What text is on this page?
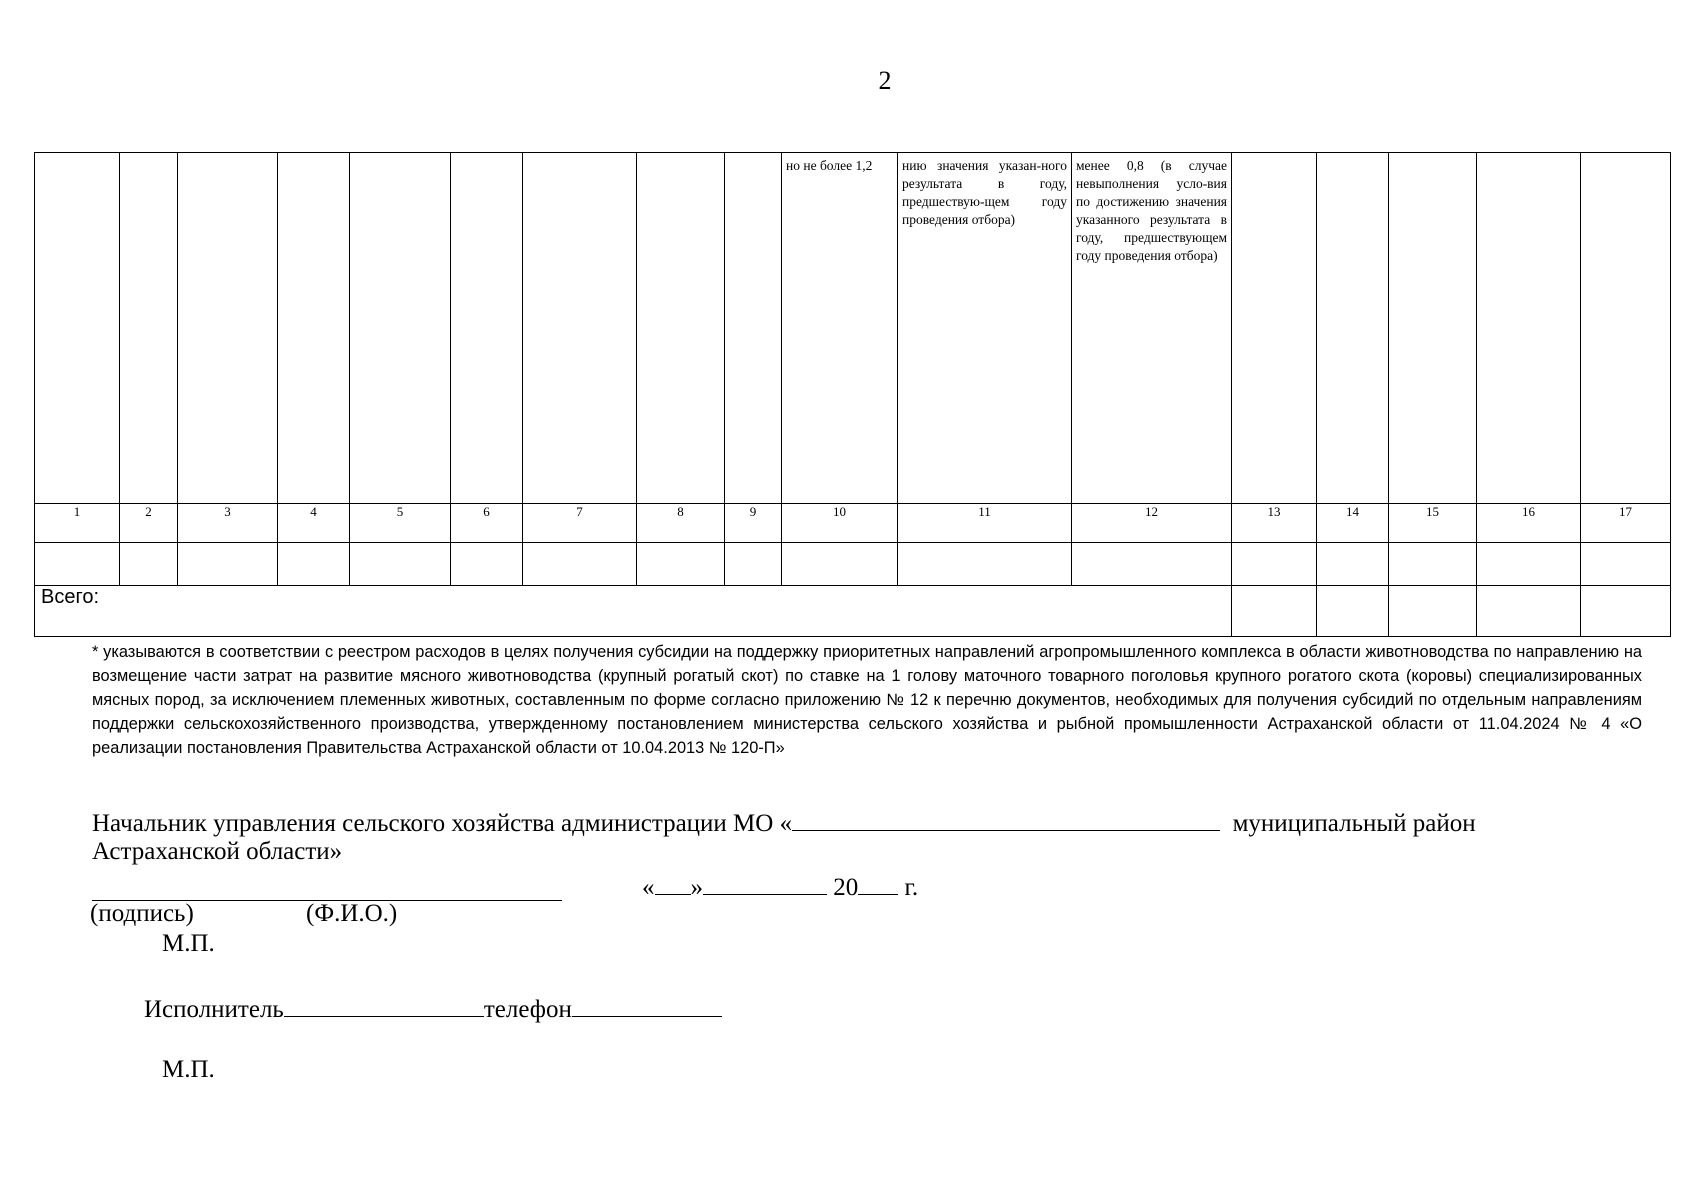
2

									но не более 1,2	нию значения указан-ного результата в году, предшествую-щем году проведения отбора)	менее 0,8 (в случае невыполнения усло-вия по достижению значения указанного результата в году, предшествующем году проведения отбора)					

1	2	3	4	5	6	7	8	9	10	11	12	13	14	15	16	17

Всего:																
* указываются в соответствии с реестром расходов в целях получения субсидии на поддержку приоритетных направлений агропромышленного комплекса в области животноводства по направлению на возмещение части затрат на развитие мясного животноводства (крупный рогатый скот) по ставке на 1 голову маточного товарного поголовья крупного рогатого скота (коровы) специализированных мясных пород, за исключением племенных животных, составленным по форме согласно приложению № 12 к перечню документов, необходимых для получения субсидий по отдельным направлениям поддержки сельскохозяйственного производства, утвержденному постановлением министерства сельского хозяйства и рыбной промышленности Астраханской области от 11.04.2024 № 4 «О реализации постановления Правительства Астраханской области от 10.04.2013 № 120-П»
Начальник управления сельского хозяйства администрации МО «	муниципальный район
Астраханской области»
« »	20 г.
(подпись)	(Ф.И.О.)
М.П.
Исполнитель	телефон
М.П.
